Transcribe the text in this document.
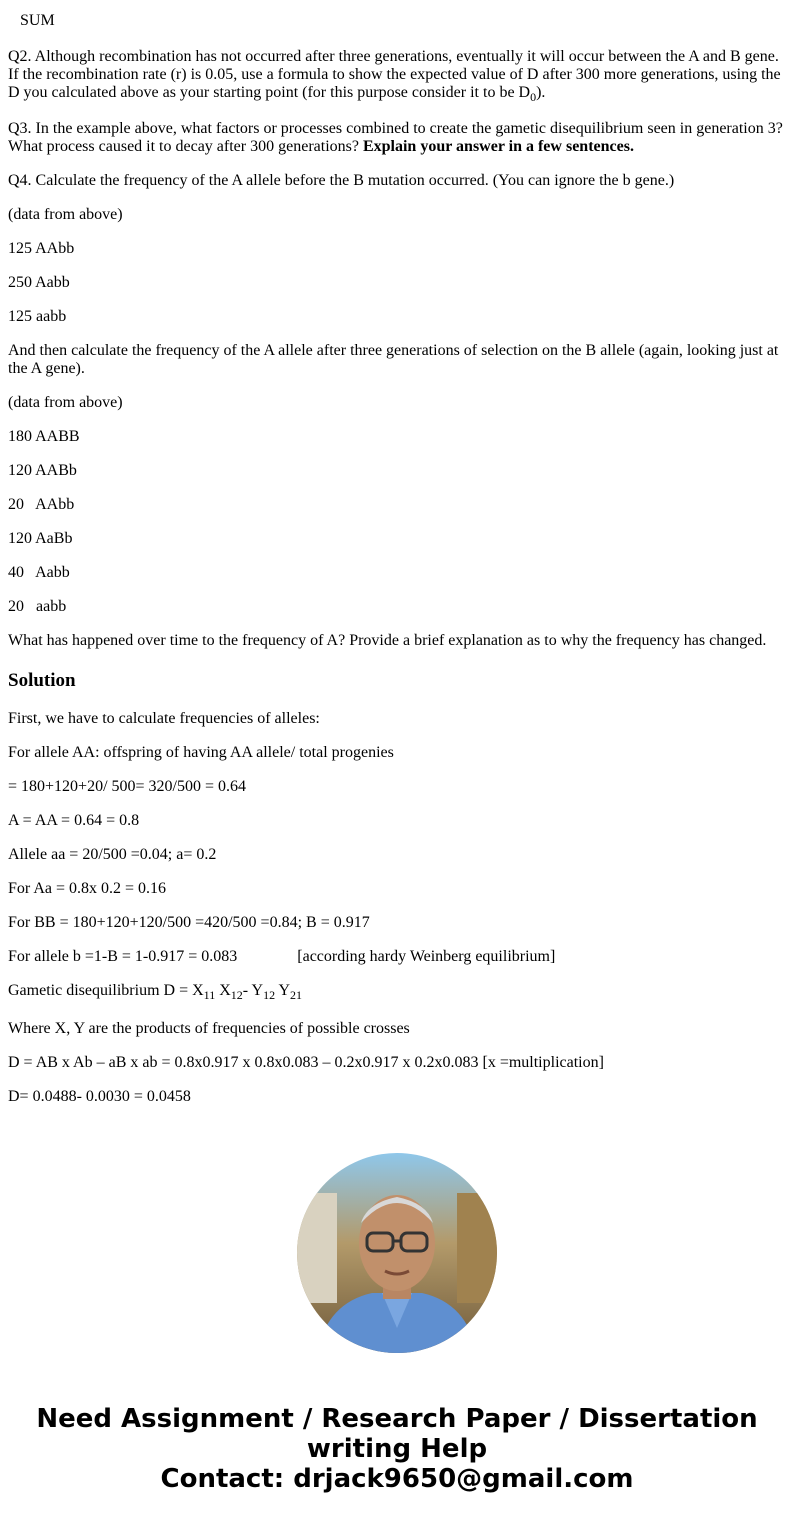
SUM

Q2. Although recombination has not occurred after three generations, eventually it will occur between the A and B gene. If the recombination rate (r) is 0.05, use a formula to show the expected value of D after 300 more generations, using the D you calculated above as your starting point (for this purpose consider it to be $D_0$).

Q3. In the example above, what factors or processes combined to create the gametic disequilibrium seen in generation 3? What process caused it to decay after 300 generations? Explain your answer in a few sentences.

Q4. Calculate the frequency of the A allele before the B mutation occurred. (You can ignore the b gene.)

(data from above)

125 AAbb

250 Aabb

125 aabb

And then calculate the frequency of the A allele after three generations of selection on the B allele (again, looking just at the A gene).

(data from above)

180 AABB

120 AABb

20   AAbb

120 AaBb

40   Aabb

20   aabb

What has happened over time to the frequency of A? Provide a brief explanation as to why the frequency has changed.

Solution

First, we have to calculate frequencies of alleles:

For allele AA: offspring of having AA allele/ total progenies

= 180+120+20/ 500= 320/500 = 0.64

A = AA = 0.64 = 0.8

Allele aa = 20/500 =0.04; a= 0.2

For Aa = 0.8x 0.2 = 0.16

For BB = 180+120+120/500 =420/500 =0.84; B = 0.917

For allele b =1-B = 1-0.917 = 0.083               [according hardy Weinberg equilibrium]

Gametic disequilibrium $D = X_{11}$ $X_{12}-$ $Y_{12}$ $Y_{21}$

Where X, Y are the products of frequencies of possible crosses

D = AB x Ab – aB x ab = 0.8x0.917 x 0.8x0.083 – 0.2x0.917 x 0.2x0.083 [x =multiplication]

D= 0.0488- 0.0030 = 0.0458

Need Assignment / Research Paper / Dissertation
writing Help
Contact: drjack9650@gmail.com
